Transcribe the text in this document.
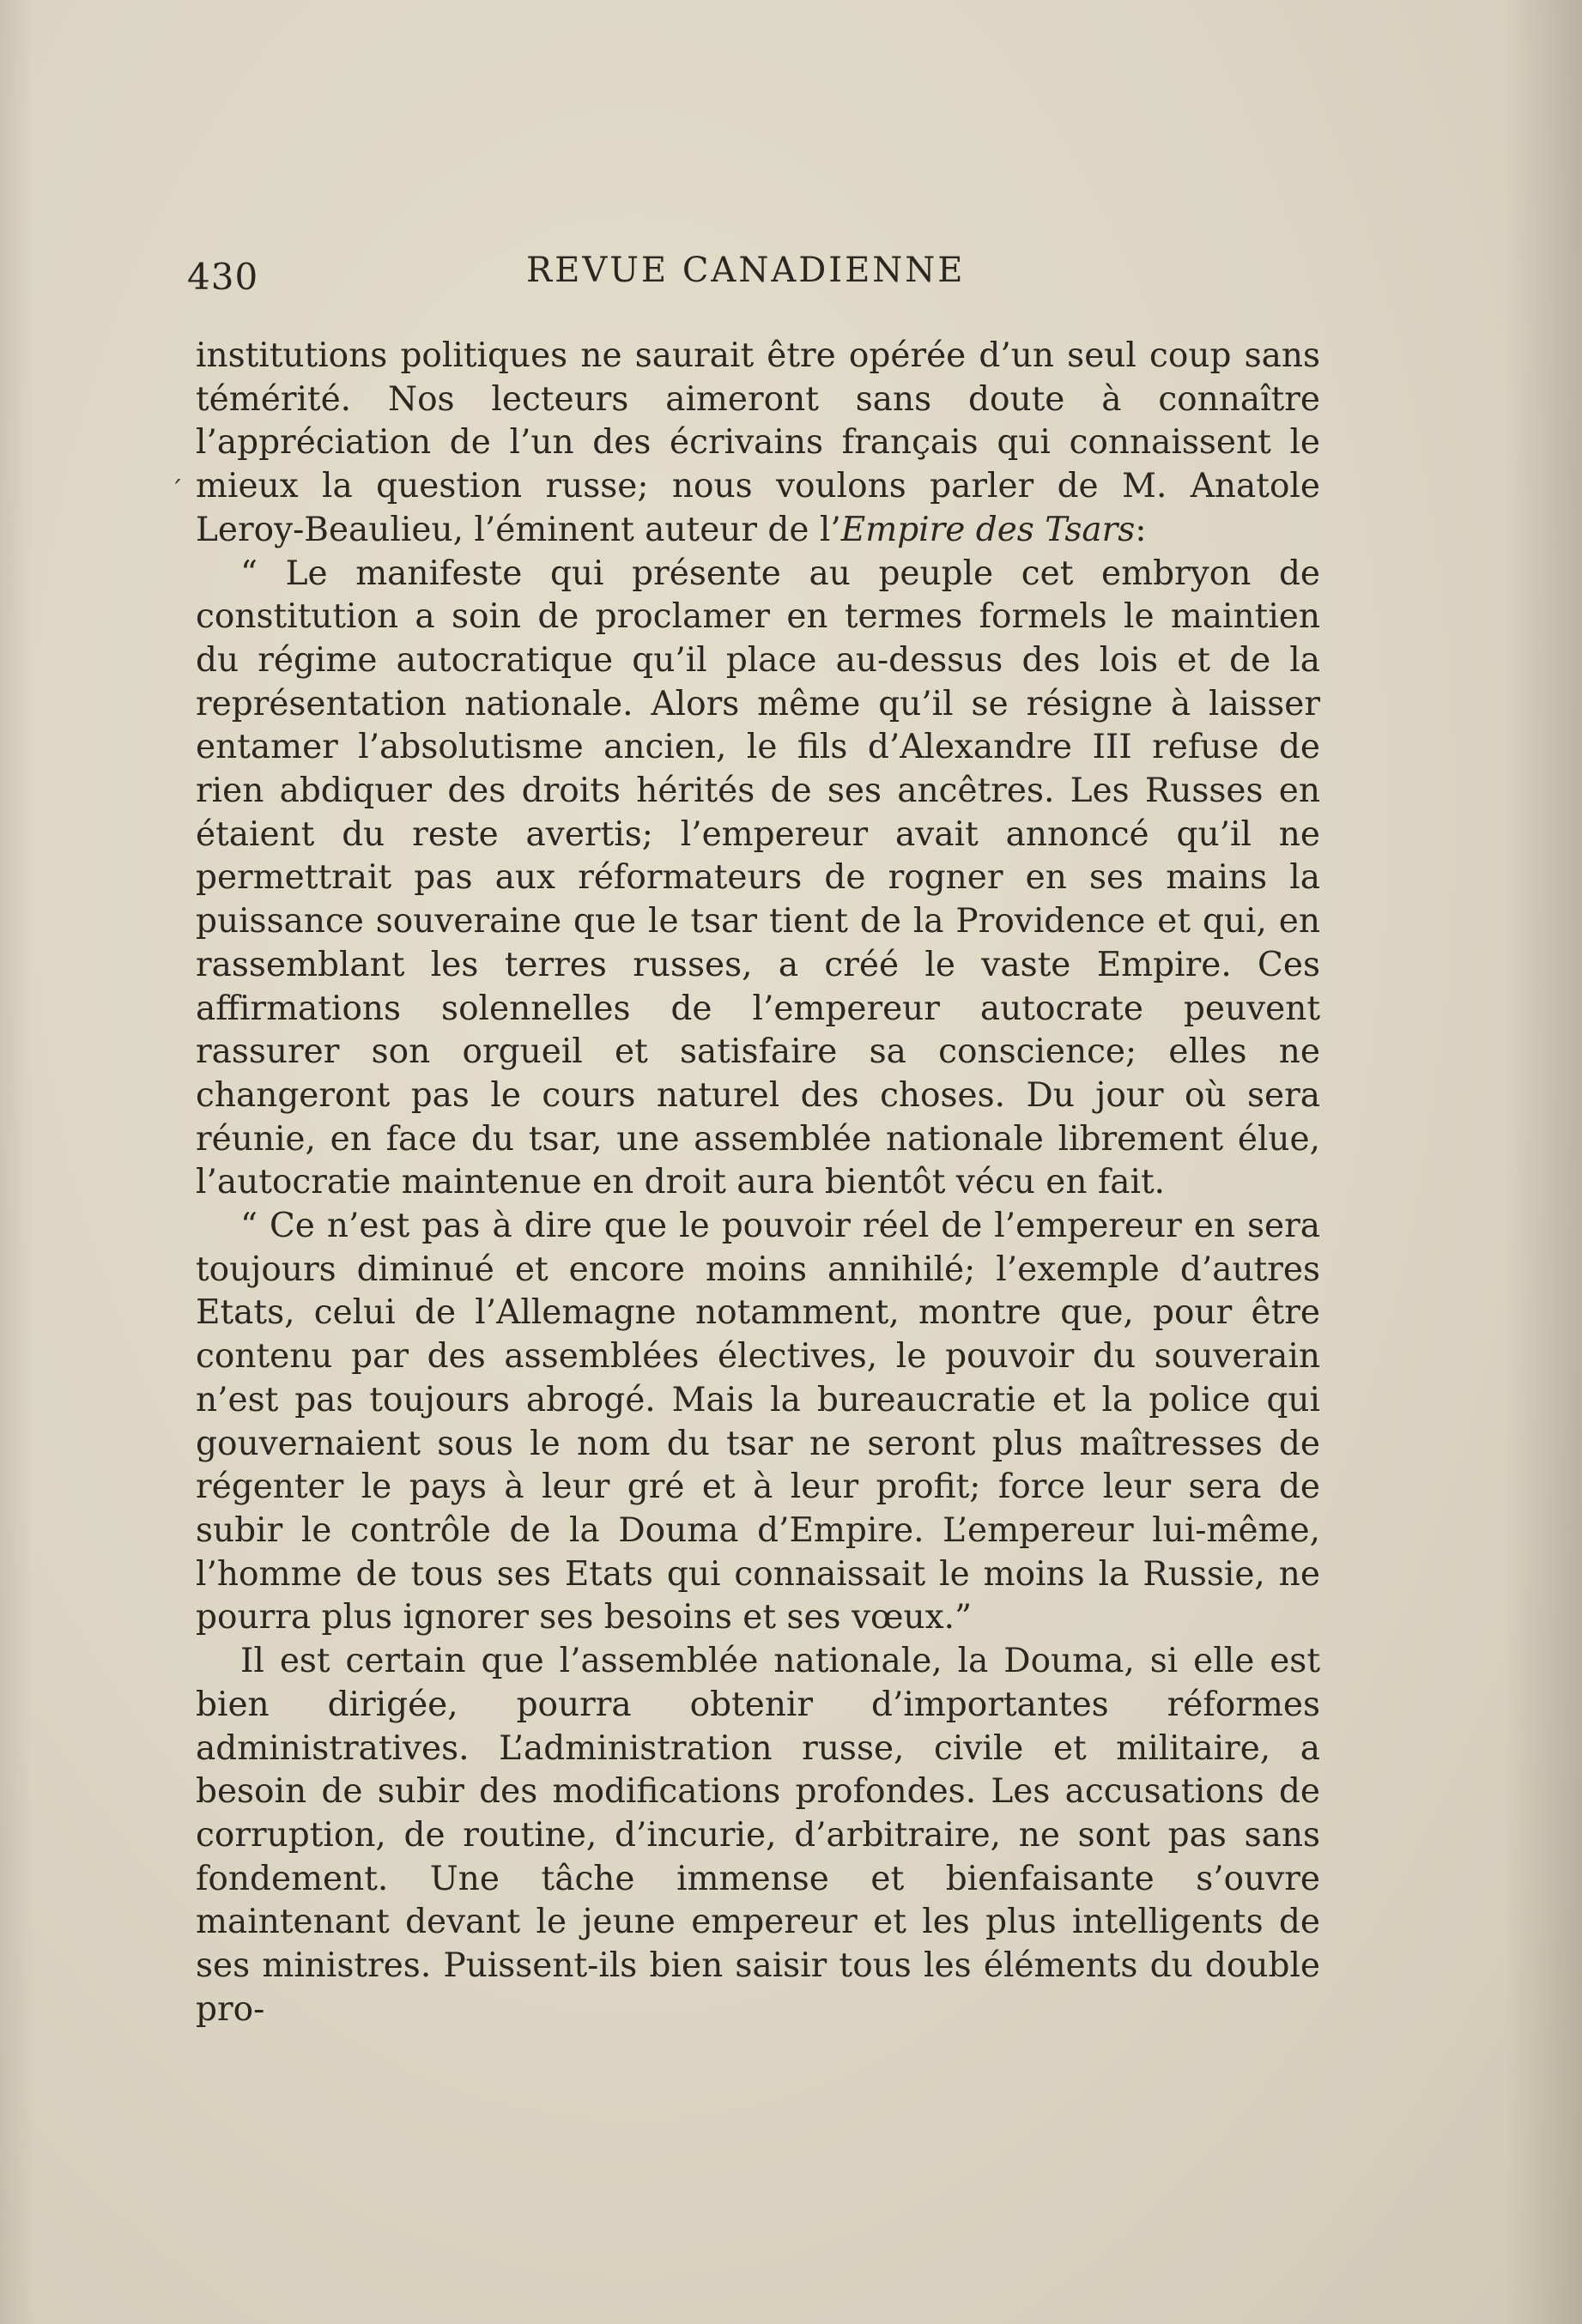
430	REVUE CANADIENNE
´

institutions politiques ne saurait être opérée d’un seul coup sans témérité. Nos lecteurs aimeront sans doute à connaître l’appréciation de l’un des écrivains français qui connaissent le mieux la question russe; nous voulons parler de M. Anatole Leroy-Beaulieu, l’éminent auteur de l’Empire des Tsars:

“ Le manifeste qui présente au peuple cet embryon de constitution a soin de proclamer en termes formels le maintien du régime autocratique qu’il place au-dessus des lois et de la représentation nationale. Alors même qu’il se résigne à laisser entamer l’absolutisme ancien, le fils d’Alexandre III refuse de rien abdiquer des droits hérités de ses ancêtres. Les Russes en étaient du reste avertis; l’empereur avait annoncé qu’il ne permettrait pas aux réformateurs de rogner en ses mains la puissance souveraine que le tsar tient de la Providence et qui, en rassemblant les terres russes, a créé le vaste Empire. Ces affirmations solennelles de l’empereur autocrate peuvent rassurer son orgueil et satisfaire sa conscience; elles ne changeront pas le cours naturel des choses. Du jour où sera réunie, en face du tsar, une assemblée nationale librement élue, l’autocratie maintenue en droit aura bientôt vécu en fait.

“ Ce n’est pas à dire que le pouvoir réel de l’empereur en sera toujours diminué et encore moins annihilé; l’exemple d’autres Etats, celui de l’Allemagne notamment, montre que, pour être contenu par des assemblées électives, le pouvoir du souverain n’est pas toujours abrogé. Mais la bureaucratie et la police qui gouvernaient sous le nom du tsar ne seront plus maîtresses de régenter le pays à leur gré et à leur profit; force leur sera de subir le contrôle de la Douma d’Empire. L’empereur lui-même, l’homme de tous ses Etats qui connaissait le moins la Russie, ne pourra plus ignorer ses besoins et ses vœux.”

Il est certain que l’assemblée nationale, la Douma, si elle est bien dirigée, pourra obtenir d’importantes réformes administratives. L’administration russe, civile et militaire, a besoin de subir des modifications profondes. Les accusations de corruption, de routine, d’incurie, d’arbitraire, ne sont pas sans fondement. Une tâche immense et bienfaisante s’ouvre maintenant devant le jeune empereur et les plus intelligents de ses ministres. Puissent-ils bien saisir tous les éléments du double pro-
